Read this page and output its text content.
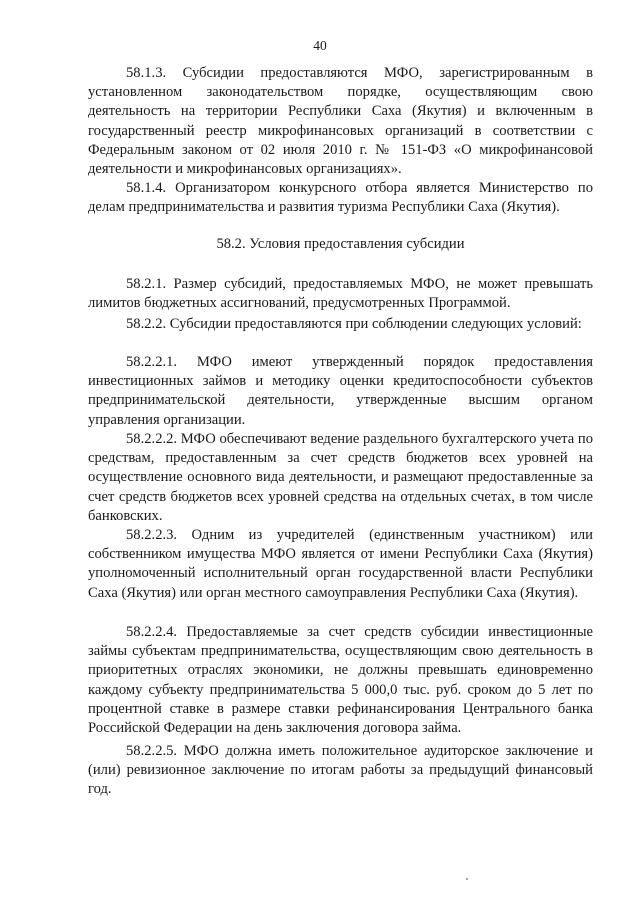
40

58.1.3. Субсидии предоставляются МФО, зарегистрированным в установленном законодательством порядке, осуществляющим свою деятельность на территории Республики Саха (Якутия) и включенным в государственный реестр микрофинансовых организаций в соответствии с Федеральным законом от 02 июля 2010 г. № 151-ФЗ «О микрофинансовой деятельности и микрофинансовых организациях».

58.1.4. Организатором конкурсного отбора является Министерство по делам предпринимательства и развития туризма Республики Саха (Якутия).

58.2. Условия предоставления субсидии

58.2.1. Размер субсидий, предоставляемых МФО, не может превышать лимитов бюджетных ассигнований, предусмотренных Программой.

58.2.2. Субсидии предоставляются при соблюдении следующих условий:

58.2.2.1. МФО имеют утвержденный порядок предоставления инвестиционных займов и методику оценки кредитоспособности субъектов предпринимательской деятельности, утвержденные высшим органом управления организации.

58.2.2.2. МФО обеспечивают ведение раздельного бухгалтерского учета по средствам, предоставленным за счет средств бюджетов всех уровней на осуществление основного вида деятельности, и размещают предоставленные за счет средств бюджетов всех уровней средства на отдельных счетах, в том числе банковских.

58.2.2.3. Одним из учредителей (единственным участником) или собственником имущества МФО является от имени Республики Саха (Якутия) уполномоченный исполнительный орган государственной власти Республики Саха (Якутия) или орган местного самоуправления Республики Саха (Якутия).

58.2.2.4. Предоставляемые за счет средств субсидии инвестиционные займы субъектам предпринимательства, осуществляющим свою деятельность в приоритетных отраслях экономики, не должны превышать единовременно каждому субъекту предпринимательства 5 000,0 тыс. руб. сроком до 5 лет по процентной ставке в размере ставки рефинансирования Центрального банка Российской Федерации на день заключения договора займа.

58.2.2.5. МФО должна иметь положительное аудиторское заключение и (или) ревизионное заключение по итогам работы за предыдущий финансовый год.
